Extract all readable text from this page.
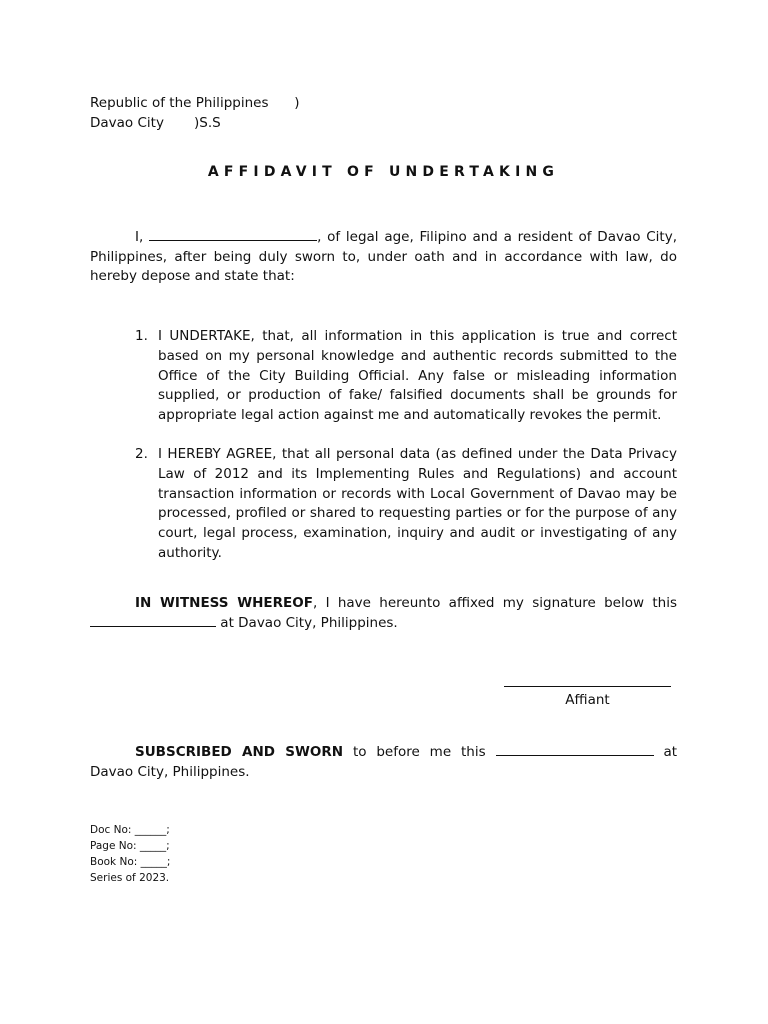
Republic of the Philippines )
Davao City )S.S
AFFIDAVIT OF UNDERTAKING

I,	, of legal age, Filipino and a resident of Davao City, Philippines, after being duly sworn to, under oath and in accordance with law, do hereby depose and state that:

1. I UNDERTAKE, that, all information in this application is true and correct based on my personal knowledge and authentic records submitted to the Office of the City Building Official. Any false or misleading information supplied, or production of fake/ falsified documents shall be grounds for appropriate legal action against me and automatically revokes the permit.
2. I HEREBY AGREE, that all personal data (as defined under the Data Privacy Law of 2012 and its Implementing Rules and Regulations) and account transaction information or records with Local Government of Davao may be processed, profiled or shared to requesting parties or for the purpose of any court, legal process, examination, inquiry and audit or investigating of any authority.

IN WITNESS WHEREOF, I have hereunto affixed my signature below this  at Davao City, Philippines.

Affiant

SUBSCRIBED AND SWORN to before me this	at Davao City, Philippines.

Doc No: ______;
Page No: _____;
Book No: _____;
Series of 2023.
